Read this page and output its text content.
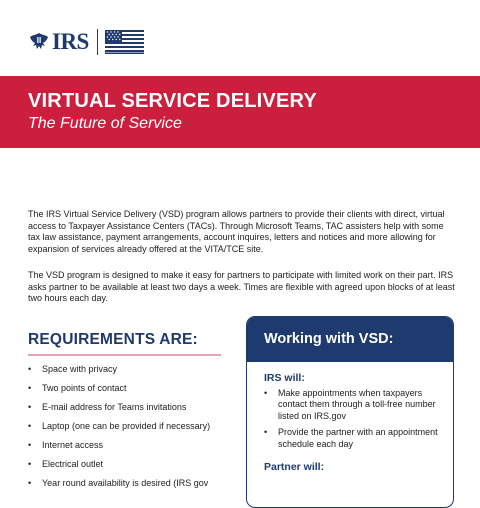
IRS
VIRTUAL SERVICE DELIVERY
The Future of Service

The IRS Virtual Service Delivery (VSD) program allows partners to provide their clients with direct, virtual access to Taxpayer Assistance Centers (TACs). Through Microsoft Teams, TAC assisters help with some tax law assistance, payment arrangements, account inquires, letters and notices and more allowing for expansion of services already offered at the VITA/TCE site.

The VSD program is designed to make it easy for partners to participate with limited work on their part. IRS asks partner to be available at least two days a week. Times are flexible with agreed upon blocks of at least two hours each day.

REQUIREMENTS ARE:
•
Space with privacy
•
Two points of contact
•
E-mail address for Teams invitations
•
Laptop (one can be provided if necessary)
•
Internet access
•
Electrical outlet
•
Year round availability is desired (IRS gov
Working with VSD:

IRS will:

•
Make appointments when taxpayers contact them through a toll-free number listed on IRS.gov
•
Provide the partner with an appointment schedule each day

Partner will:
